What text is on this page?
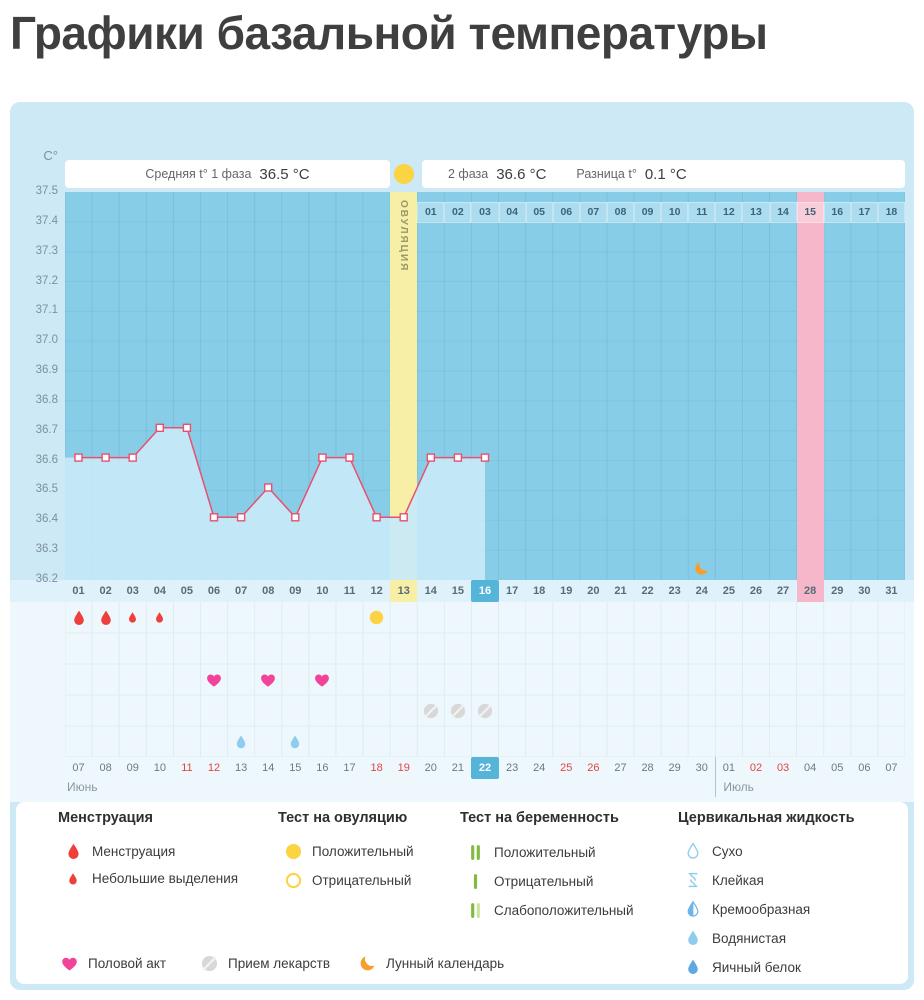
Графики базальной температуры
C°
Средняя t° 1 фаза 36.5 °C	2 фаза 36.6 °C Разница t° 0.1 °C
Менструация
Менструация
Небольшие выделения
Тест на овуляцию
Положительный
Отрицательный
Тест на беременность
Положительный
Отрицательный
Слабоположительный
Цервикальная жидкость
Сухо
Клейкая
Кремообразная
Водянистая
Яичный белок
Половой акт	Прием лекарств	Лунный календарь
ОВУЛЯЦИЯ	01	02	03	04	05	06	07	08	09	10	11	12	13	14	15	16	17	18
01	02	03	04	05	06	07	08	09	10	11	12	13	14	15	16	17	18	19	20	21	22	23	24	25	26	27	28	29	30	31
07	08	09	10	11	12	13	14	15	16	17	18	19	20	21	22	23	24	25	26	27	28	29	30	01	02	03	04	05	06	07
Июнь	Июль
37.5
37.4
37.3
37.2
37.1
37.0
36.9
36.8
36.7
36.6
36.5
36.4
36.3
36.2
